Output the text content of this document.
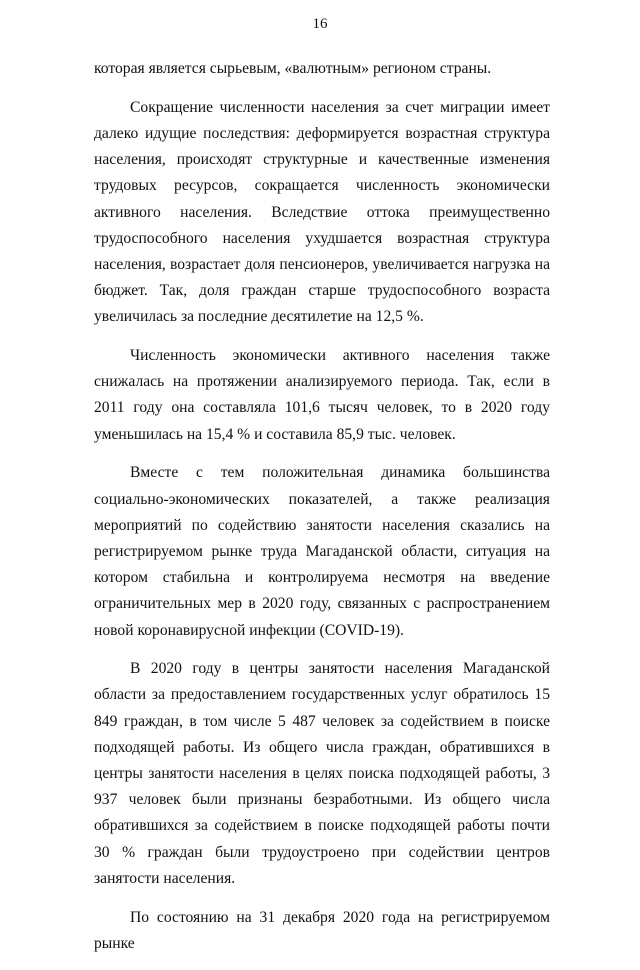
16

которая является сырьевым, «валютным» регионом страны.

Сокращение численности населения за счет миграции имеет далеко идущие последствия: деформируется возрастная структура населения, происходят структурные и качественные изменения трудовых ресурсов, сокращается численность экономически активного населения. Вследствие оттока преимущественно трудоспособного населения ухудшается возрастная структура населения, возрастает доля пенсионеров, увеличивается нагрузка на бюджет. Так, доля граждан старше трудоспособного возраста увеличилась за последние десятилетие на 12,5 %.

Численность экономически активного населения также снижалась на протяжении анализируемого периода. Так, если в 2011 году она составляла 101,6 тысяч человек, то в 2020 году уменьшилась на 15,4 % и составила 85,9 тыс. человек.

Вместе с тем положительная динамика большинства социально-экономических показателей, а также реализация мероприятий по содействию занятости населения сказались на регистрируемом рынке труда Магаданской области, ситуация на котором стабильна и контролируема несмотря на введение ограничительных мер в 2020 году, связанных с распространением новой коронавирусной инфекции (COVID-19).

В 2020 году в центры занятости населения Магаданской области за предоставлением государственных услуг обратилось 15 849 граждан, в том числе 5 487 человек за содействием в поиске подходящей работы. Из общего числа граждан, обратившихся в центры занятости населения в целях поиска подходящей работы, 3 937 человек были признаны безработными. Из общего числа обратившихся за содействием в поиске подходящей работы почти 30 % граждан были трудоустроено при содействии центров занятости населения.

По состоянию на 31 декабря 2020 года на регистрируемом рынке
